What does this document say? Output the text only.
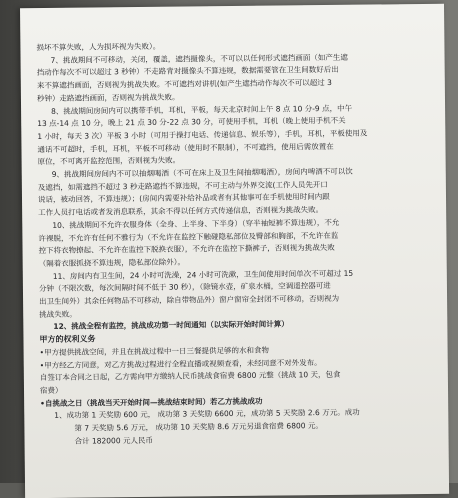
损坏不算失败，人为损坏视为失败）。
7、挑战期间不可移动，关闭，覆盖，遮挡摄像头，不可以以任何形式遮挡画面（如产生遮
挡动作每次不可以超过 3 秒钟）不走路背对摄像头不算违规，数据需要管在卫生间数好后出
来不算遮挡画面，否则视为挑战失败。不可遮挡对讲机(如产生遮挡动作每次不可以超过 3
秒钟）走路遮挡画面，否则视为挑战失败。
8、挑战期间房间内可以携带手机，耳机，平板，每天北京时间上午 8 点 10 分-9 点，中午
13 点-14 点 10 分，晚上 21 点 30 分-22 点 30 分，可使用手机，耳机（晚上使用手机不关
1 小时，每天 3 次）平板 3 小时（可用于操打电话、传递信息、娱乐等），手机，耳机，平板使用及
通话不可超时，手机，耳机，平板不可移动（使用时不限制），不可遮挡，使用后需放置在
原位，不可离开监控范围，否则视为失败。
9、挑战期间房间内不可以抽烟喝酒（不可在床上及卫生间抽烟喝酒），房间内啤酒不可以饮
及遮挡，如需遮挡不超过 3 秒走路遮挡不算违规，不可主动与外界交流(工作人员先开口
说话，被动回答，不算违规）；(房间内需要补给补品或者有其他事可在手机使用时间内跟
工作人员打电话或者发消息联系，其余不得以任何方式传递信息，否则视为挑战失败。
10、挑战期间不允许衣服身体（全身、上半身、下半身）（穿半袖短裤不算违规），不允
许裸脱，不允许有任何不雅行为（不允许在监控下触碰隐私部位及臀部和胸部，不允许在监
控下将衣物撩起、不允许在监控下脱换衣服），不允许在监控下撕裤子，否则视为挑战失败
（隔着衣服抓挠不算违规，隐私部位除外）。
11、房间内有卫生间，24 小时可洗澡，24 小时可洗漱，卫生间使用时间单次不可超过 15
分钟（不限次数，每次间隔时间不低于 30 秒），（除镜水壶，矿泉水桶，空调遥控器可进
出卫生间外）其余任何物品不可移动，除自带物品外）窗户窗帘全封闭不可移动，否则视为
挑战失败。
12、挑战全程有监控，挑战成功第一时间通知（以实际开始时间计算）
甲方的权利义务
•甲方提供挑战空间，并且在挑战过程中一日三餐提供足够的水和食物
•甲方经乙方同意，对乙方挑战过程进行全程直播或视频查看，未经同意不对外发布。
自签订本合同之日起，乙方需向甲方缴纳人民币挑战食宿费 6800 元整（挑战 10 天，包食
宿费）
•自挑战之日（挑战当天开始时间—挑战结束时间）若乙方挑战成功
1、成功第 1 天奖励 600 元， 成功第 3 天奖励 6600 元，成功第 5 天奖励 2.6 万元。成功
第 7 天奖励 5.6 万元， 成功第 10 天奖励 8.6 万元另退食宿费 6800 元。
合计 182000 元人民币
